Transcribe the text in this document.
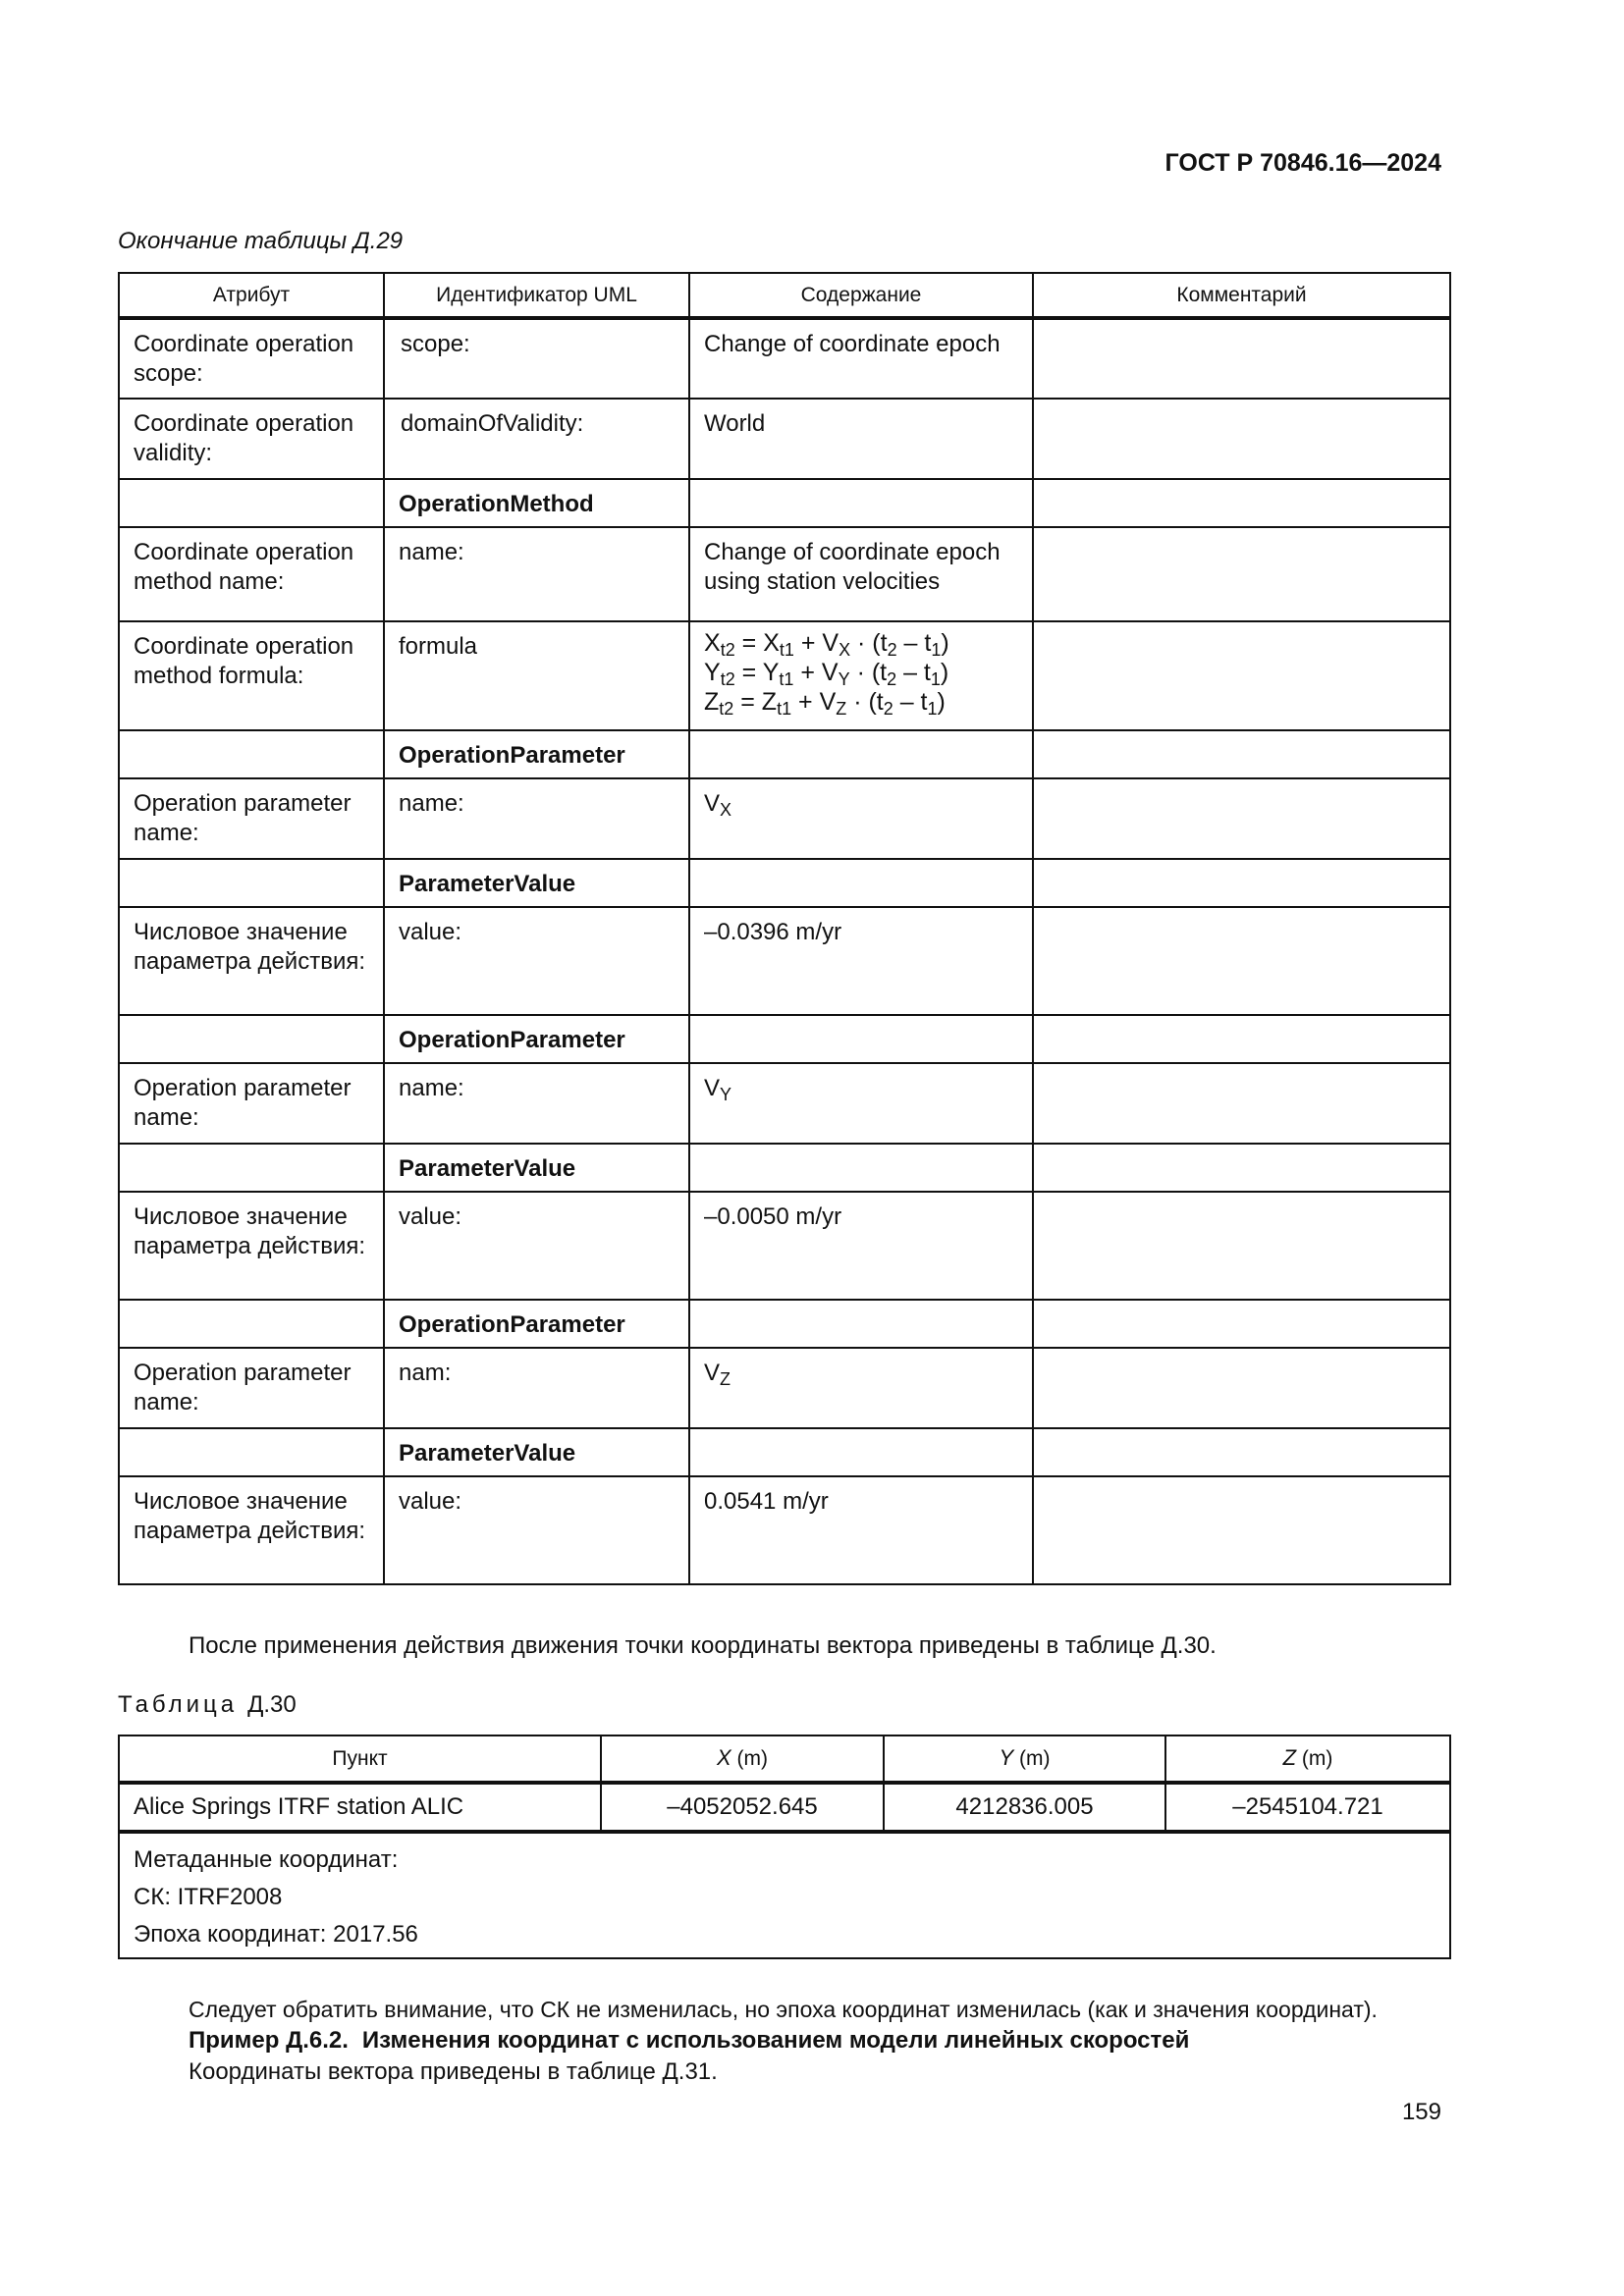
ГОСТ Р 70846.16—2024
Окончание таблицы Д.29
Атрибут	Идентификатор UML	Содержание	Комментарий
Coordinate operation scope:	scope:	Change of coordinate epoch	
Coordinate operation validity:	domainOfValidity:	World	
	OperationMethod		
Coordinate operation method name:	name:	Change of coordinate epoch using station velocities	
Coordinate operation method formula:	formula	$X_{t2} = X_{t1} + V_X \cdot (t_2 - t_1)$
$Y_{t2} = Y_{t1} + V_Y \cdot (t_2 - t_1)$
$Z_{t2} = Z_{t1} + V_Z \cdot (t_2 - t_1)$	

	OperationParameter		
Operation parameter name:	name:	$V_X$	
	ParameterValue		
Числовое значение параметра действия:	value:	–0.0396 m/yr	
	OperationParameter		
Operation parameter name:	name:	$V_Y$	
	ParameterValue		
Числовое значение параметра действия:	value:	–0.0050 m/yr	
	OperationParameter		
Operation parameter name:	nam:	$V_Z$	
	ParameterValue		
Числовое значение параметра действия:	value:	0.0541 m/yr	
После применения действия движения точки координаты вектора приведены в таблице Д.30.
Таблица Д.30
Пункт	X (m)	Y (m)	Z (m)
Alice Springs ITRF station ALIC	–4052052.645	4212836.005	–2545104.721

Метаданные координат:
СК: ITRF2008
Эпоха координат: 2017.56			
Следует обратить внимание, что СК не изменилась, но эпоха координат изменилась (как и значения координат).
Пример Д.6.2. Изменения координат с использованием модели линейных скоростей
Координаты вектора приведены в таблице Д.31.
159
